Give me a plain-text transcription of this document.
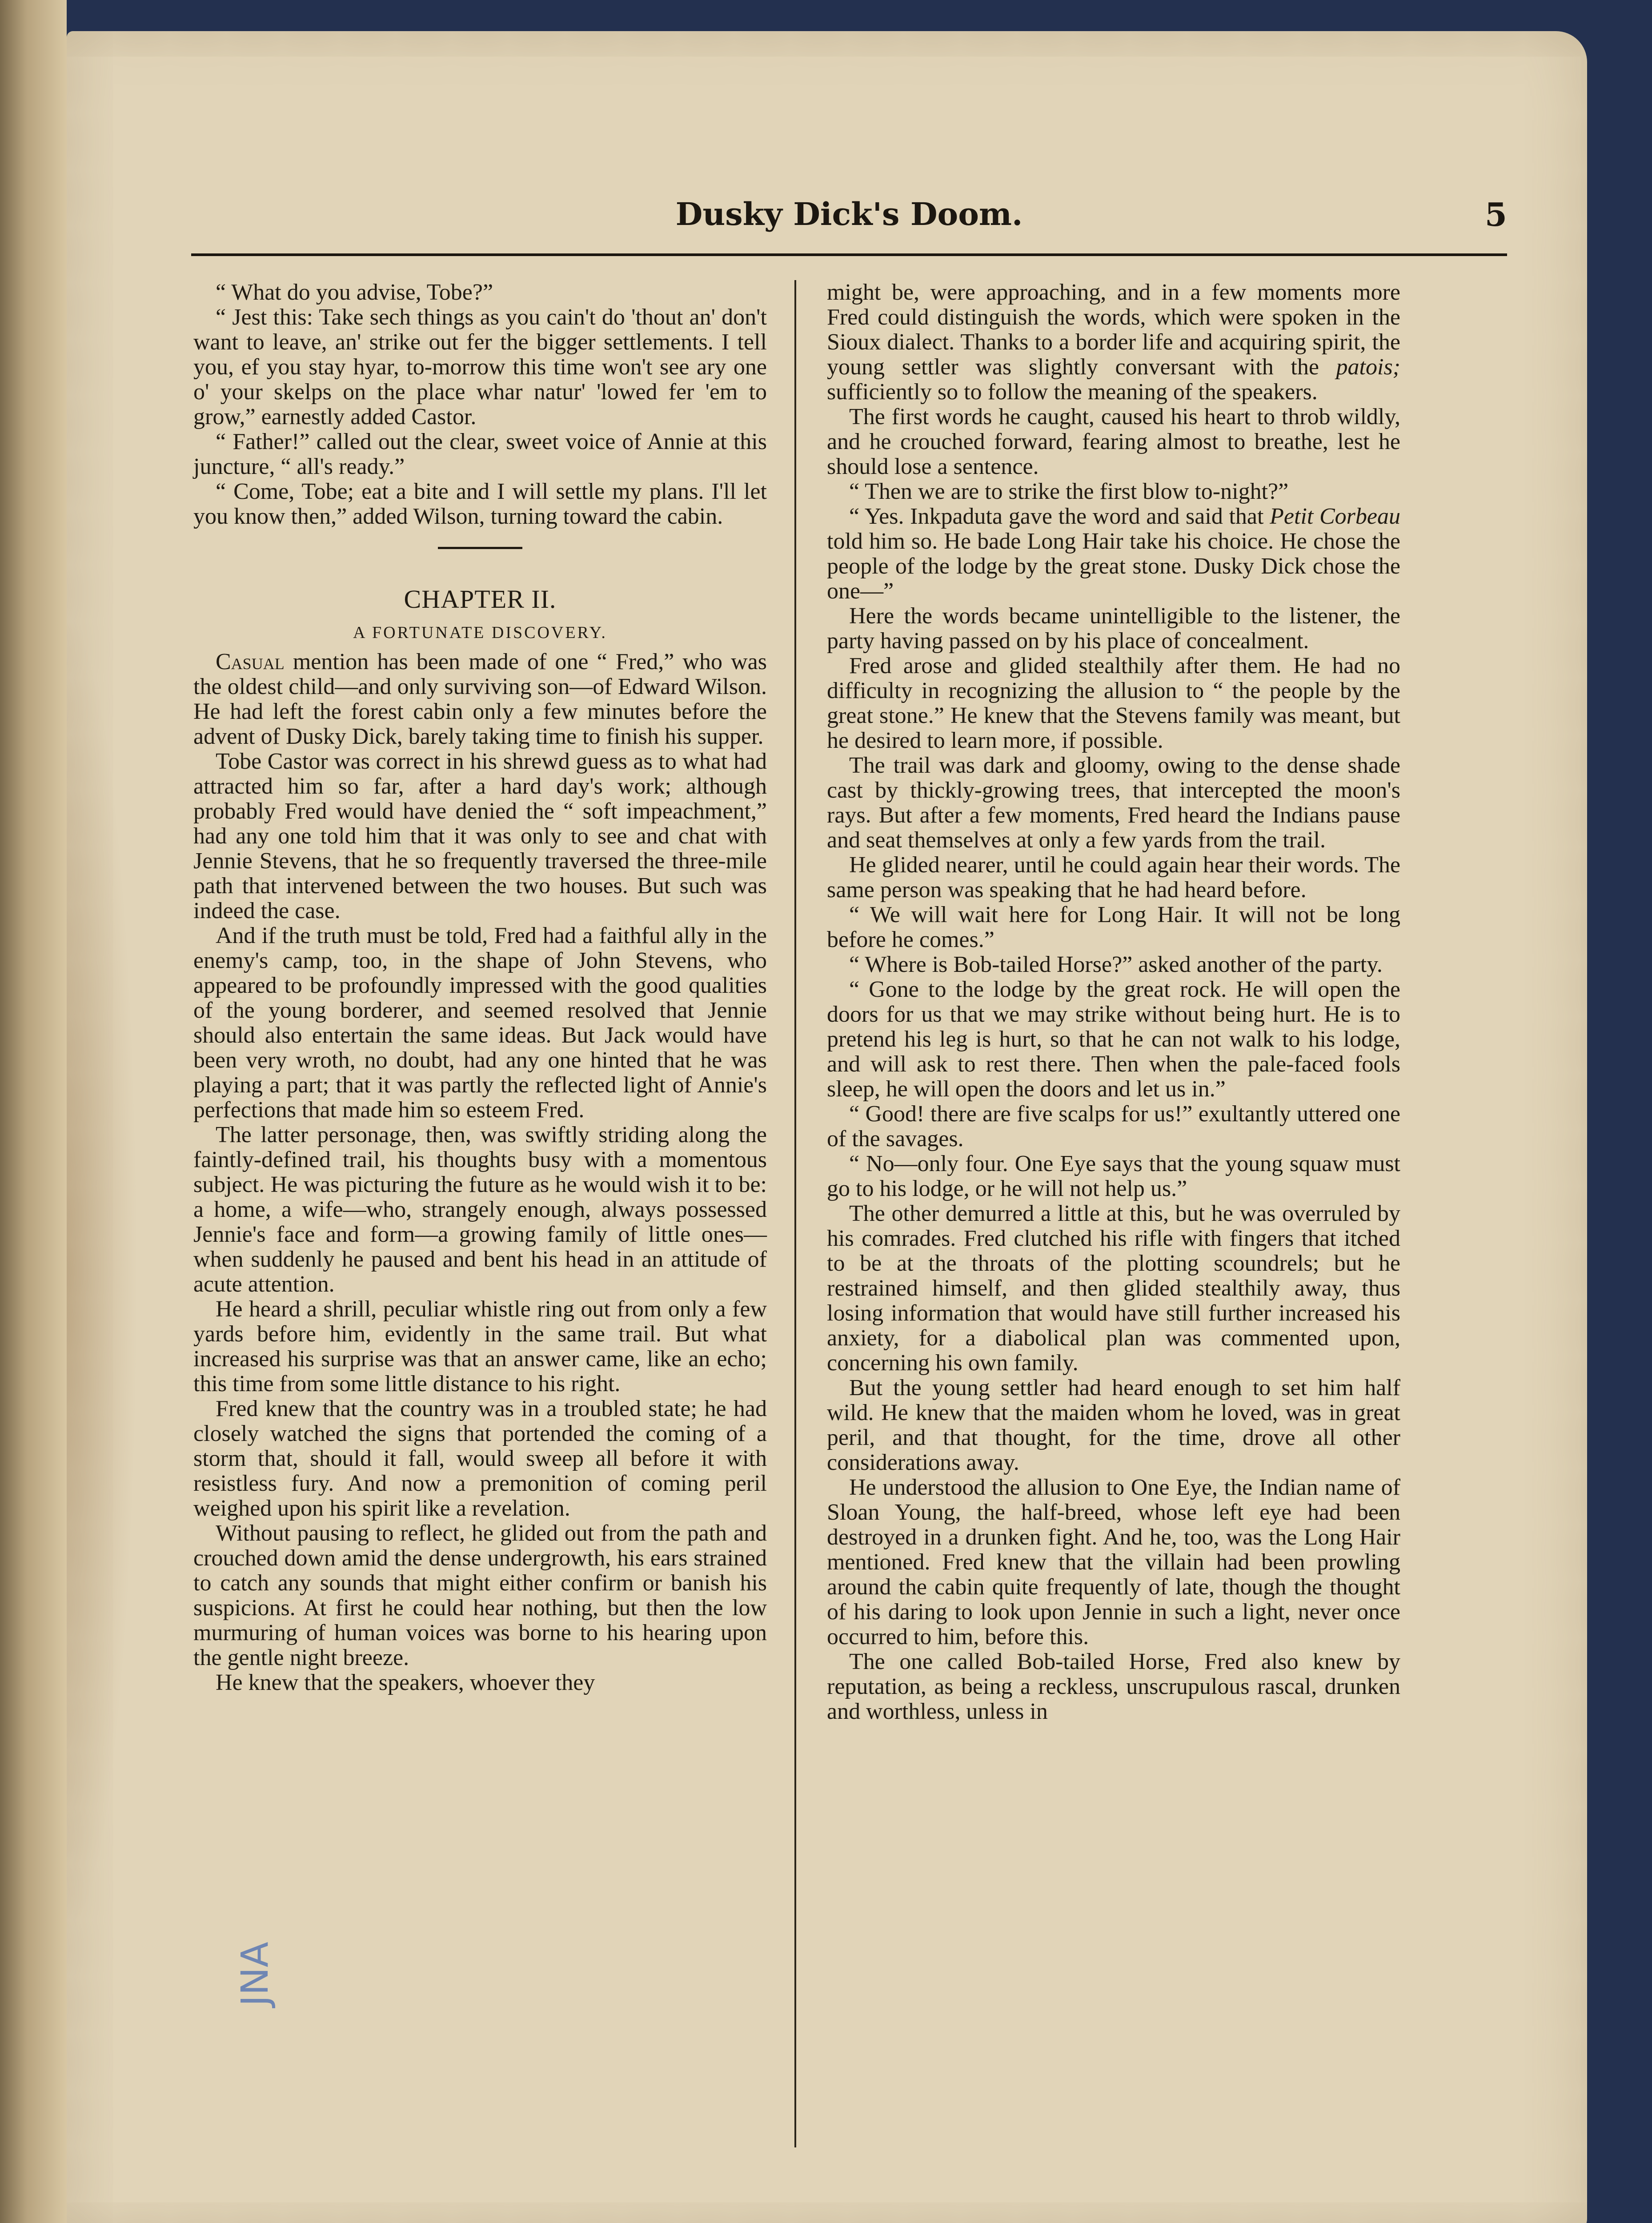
Dusky Dick's Doom.	5

“ What do you advise, Tobe?”

“ Jest this: Take sech things as you cain't do 'thout an' don't want to leave, an' strike out fer the bigger settlements. I tell you, ef you stay hyar, to-morrow this time won't see ary one o' your skelps on the place whar natur' 'lowed fer 'em to grow,” earnestly added Castor.

“ Father!” called out the clear, sweet voice of Annie at this juncture, “ all's ready.”

“ Come, Tobe; eat a bite and I will settle my plans. I'll let you know then,” added Wilson, turning toward the cabin.

CHAPTER II.

A FORTUNATE DISCOVERY.

Casual mention has been made of one “ Fred,” who was the oldest child—and only surviving son—of Edward Wilson. He had left the forest cabin only a few minutes before the advent of Dusky Dick, barely taking time to finish his supper.

Tobe Castor was correct in his shrewd guess as to what had attracted him so far, after a hard day's work; although probably Fred would have denied the “ soft impeachment,” had any one told him that it was only to see and chat with Jennie Stevens, that he so frequently traversed the three-mile path that intervened between the two houses. But such was indeed the case.

And if the truth must be told, Fred had a faithful ally in the enemy's camp, too, in the shape of John Stevens, who appeared to be profoundly impressed with the good qualities of the young borderer, and seemed resolved that Jennie should also entertain the same ideas. But Jack would have been very wroth, no doubt, had any one hinted that he was playing a part; that it was partly the reflected light of Annie's perfections that made him so esteem Fred.

The latter personage, then, was swiftly striding along the faintly-defined trail, his thoughts busy with a momentous subject. He was picturing the future as he would wish it to be: a home, a wife—who, strangely enough, always possessed Jennie's face and form—a growing family of little ones—when suddenly he paused and bent his head in an attitude of acute attention.

He heard a shrill, peculiar whistle ring out from only a few yards before him, evidently in the same trail. But what increased his surprise was that an answer came, like an echo; this time from some little distance to his right.

Fred knew that the country was in a troubled state; he had closely watched the signs that portended the coming of a storm that, should it fall, would sweep all before it with resistless fury. And now a premonition of coming peril weighed upon his spirit like a revelation.

Without pausing to reflect, he glided out from the path and crouched down amid the dense undergrowth, his ears strained to catch any sounds that might either confirm or banish his suspicions. At first he could hear nothing, but then the low murmuring of human voices was borne to his hearing upon the gentle night breeze.

He knew that the speakers, whoever they

might be, were approaching, and in a few moments more Fred could distinguish the words, which were spoken in the Sioux dialect. Thanks to a border life and acquiring spirit, the young settler was slightly conversant with the patois; sufficiently so to follow the meaning of the speakers.

The first words he caught, caused his heart to throb wildly, and he crouched forward, fearing almost to breathe, lest he should lose a sentence.

“ Then we are to strike the first blow to-night?”

“ Yes. Inkpaduta gave the word and said that Petit Corbeau told him so. He bade Long Hair take his choice. He chose the people of the lodge by the great stone. Dusky Dick chose the one—”

Here the words became unintelligible to the listener, the party having passed on by his place of concealment.

Fred arose and glided stealthily after them. He had no difficulty in recognizing the allusion to “ the people by the great stone.” He knew that the Stevens family was meant, but he desired to learn more, if possible.

The trail was dark and gloomy, owing to the dense shade cast by thickly-growing trees, that intercepted the moon's rays. But after a few moments, Fred heard the Indians pause and seat themselves at only a few yards from the trail.

He glided nearer, until he could again hear their words. The same person was speaking that he had heard before.

“ We will wait here for Long Hair. It will not be long before he comes.”

“ Where is Bob-tailed Horse?” asked another of the party.

“ Gone to the lodge by the great rock. He will open the doors for us that we may strike without being hurt. He is to pretend his leg is hurt, so that he can not walk to his lodge, and will ask to rest there. Then when the pale-faced fools sleep, he will open the doors and let us in.”

“ Good! there are five scalps for us!” exultantly uttered one of the savages.

“ No—only four. One Eye says that the young squaw must go to his lodge, or he will not help us.”

The other demurred a little at this, but he was overruled by his comrades. Fred clutched his rifle with fingers that itched to be at the throats of the plotting scoundrels; but he restrained himself, and then glided stealthily away, thus losing information that would have still further increased his anxiety, for a diabolical plan was commented upon, concerning his own family.

But the young settler had heard enough to set him half wild. He knew that the maiden whom he loved, was in great peril, and that thought, for the time, drove all other considerations away.

He understood the allusion to One Eye, the Indian name of Sloan Young, the half-breed, whose left eye had been destroyed in a drunken fight. And he, too, was the Long Hair mentioned. Fred knew that the villain had been prowling around the cabin quite frequently of late, though the thought of his daring to look upon Jennie in such a light, never once occurred to him, before this.

The one called Bob-tailed Horse, Fred also knew by reputation, as being a reckless, unscrupulous rascal, drunken and worthless, unless in

JNA
